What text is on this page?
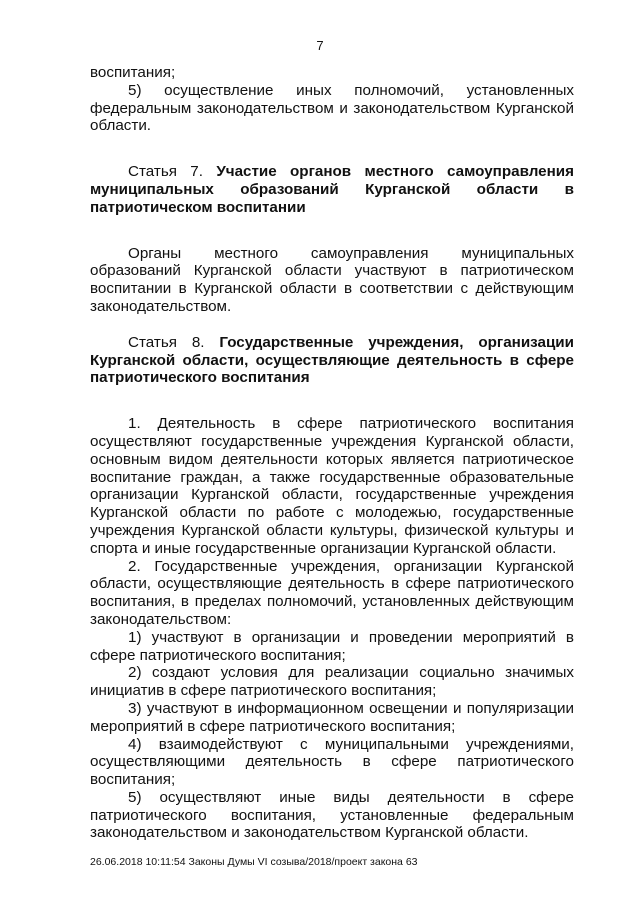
7

воспитания;

5) осуществление иных полномочий, установленных федеральным законодательством и законодательством Курганской области.

Статья 7. Участие органов местного самоуправления муниципальных образований Курганской области в патриотическом воспитании

Органы местного самоуправления муниципальных образований Курганской области участвуют в патриотическом воспитании в Курганской области в соответствии с действующим законодательством.

Статья 8. Государственные учреждения, организации Курганской области, осуществляющие деятельность в сфере патриотического воспитания

1. Деятельность в сфере патриотического воспитания осуществляют государственные учреждения Курганской области, основным видом деятельности которых является патриотическое воспитание граждан, а также государственные образовательные организации Курганской области, государственные учреждения Курганской области по работе с молодежью, государственные учреждения Курганской области культуры, физической культуры и спорта и иные государственные организации Курганской области.

2. Государственные учреждения, организации Курганской области, осуществляющие деятельность в сфере патриотического воспитания, в пределах полномочий, установленных действующим законодательством:

1) участвуют в организации и проведении мероприятий в сфере патриотического воспитания;

2) создают условия для реализации социально значимых инициатив в сфере патриотического воспитания;

3) участвуют в информационном освещении и популяризации мероприятий в сфере патриотического воспитания;

4) взаимодействуют с муниципальными учреждениями, осуществляющими деятельность в сфере патриотического воспитания;

5) осуществляют иные виды деятельности в сфере патриотического воспитания, установленные федеральным законодательством и законодательством Курганской области.

26.06.2018 10:11:54 Законы Думы VI созыва/2018/проект закона 63
